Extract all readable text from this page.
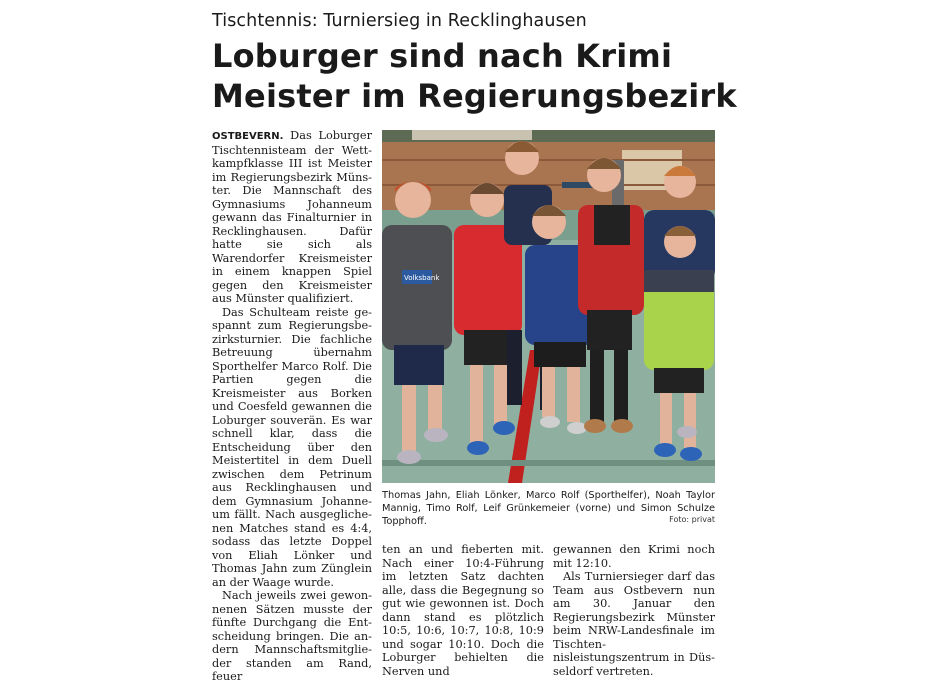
Tischtennis: Turniersieg in Recklinghausen
Loburger sind nach Krimi
Meister im Regierungsbezirk

OSTBEVERN. Das Loburger Tischtennisteam der Wettkampfklasse III ist Meister im Regierungsbezirk Münster. Die Mannschaft des Gymnasiums Johanneum gewann das Finalturnier in Recklinghausen. Dafür hatte sie sich als Warendorfer Kreismeister in einem knappen Spiel gegen den Kreismeister aus Münster qualifiziert.

Das Schulteam reiste gespannt zum Regierungsbezirksturnier. Die fachliche Betreuung übernahm Sporthelfer Marco Rolf. Die Partien gegen die Kreismeister aus Borken und Coesfeld gewannen die Loburger souverän. Es war schnell klar, dass die Entscheidung über den Meistertitel in dem Duell zwischen dem Petrinum aus Recklinghausen und dem Gymnasium Johanneum fällt. Nach ausgeglichenen Matches stand es 4:4, sodass das letzte Doppel von Eliah Lönker und Thomas Jahn zum Zünglein an der Waage wurde.

Nach jeweils zwei gewonnenen Sätzen musste der fünfte Durchgang die Entscheidung bringen. Die andern Mannschaftsmitglieder standen am Rand, feuer

Volksbank
Thomas Jahn, Eliah Lönker, Marco Rolf (Sporthelfer), Noah Taylor Mannig, Timo Rolf, Leif Grünkemeier (vorne) und Simon Schulze Topphoff.	Foto: privat

ten an und fieberten mit. Nach einer 10:4-Führung im letzten Satz dachten alle, dass die Begegnung so gut wie gewonnen ist. Doch dann stand es plötzlich 10:5, 10:6, 10:7, 10:8, 10:9 und sogar 10:10. Doch die Loburger behielten die Nerven und

gewannen den Krimi noch mit 12:10.

Als Turniersieger darf das Team aus Ostbevern nun am 30. Januar den Regierungsbezirk Münster beim NRW-Landesfinale im Tischtennisleistungszentrum in Düsseldorf vertreten.
